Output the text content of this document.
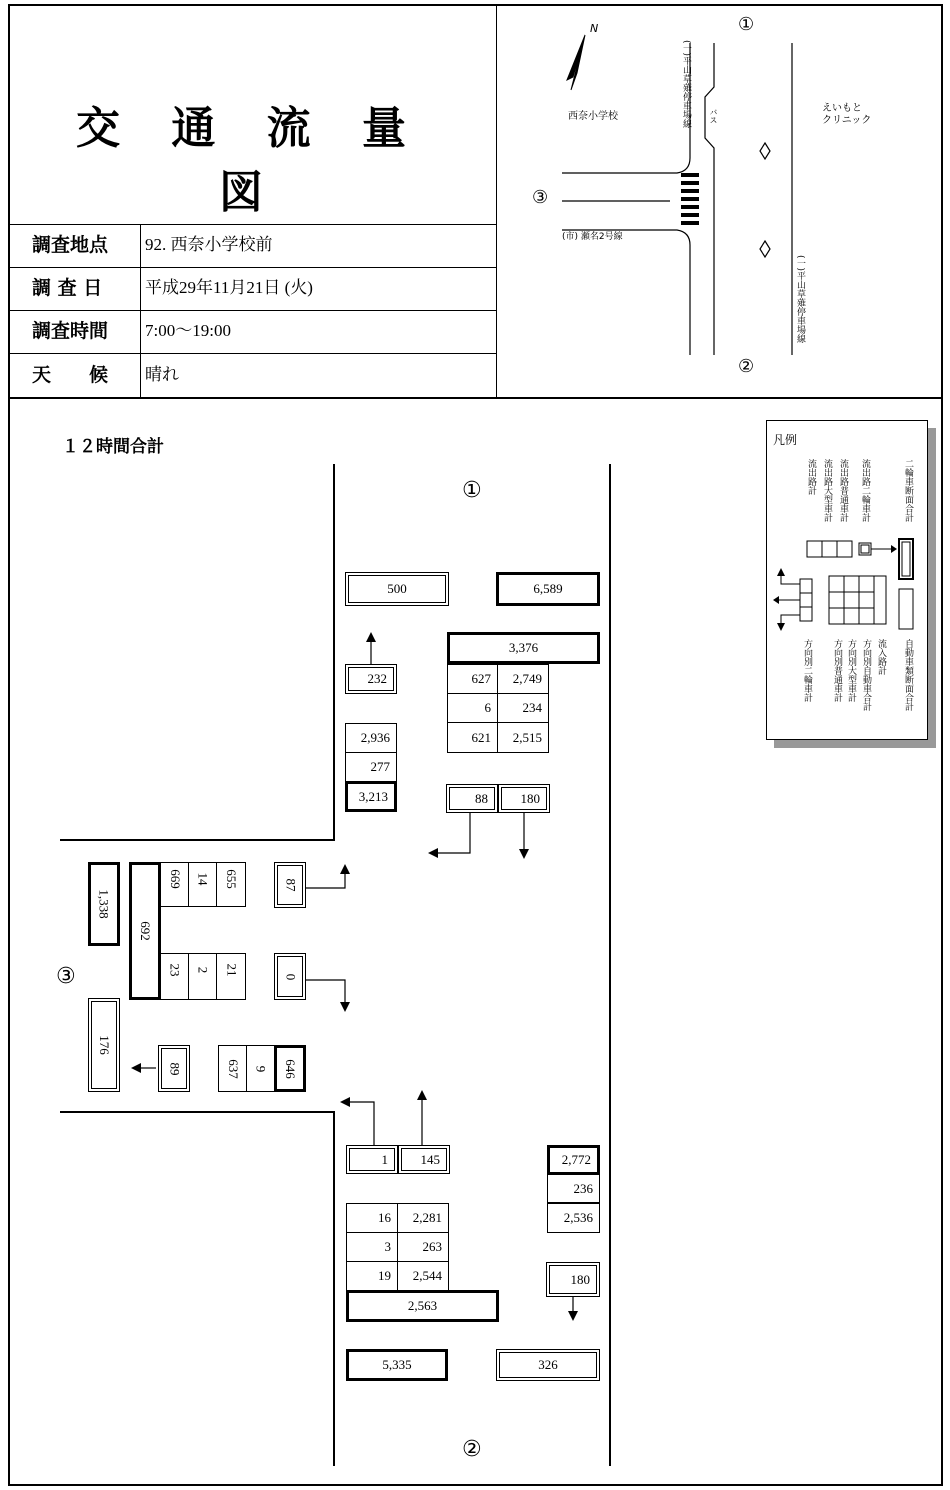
交 通 流 量 図
調査地点	92. 西奈小学校前
調 査 日	平成29年11月21日 (火)
調査時間	7:00～19:00
天　　候	晴れ
N
西奈小学校
えいもと
クリニック
(一)平山草薙停車場線
(一)平山草薙停車場線
(市) 瀬名2号線
バス
①
②
③
１２時間合計
①
②
③
500	6,589
3,376
627	2,749
6	234
621	2,515
232
2,936
277
3,213	88	180
1,338
692
669 14 655
23 2 21
87
0
176
89	637 9 646
1	145
16	2,281
3	263
19	2,544
2,563
2,772
236
2,536
180
5,335	326
凡例
流出路計 流出路大型車計 流出路普通車計 流出路二輪車計	二輪車断面合計
方向別二輪車計 方向別普通車計 方向別大型車計 方向別自動車合計 流入路計 自動車類断面合計
